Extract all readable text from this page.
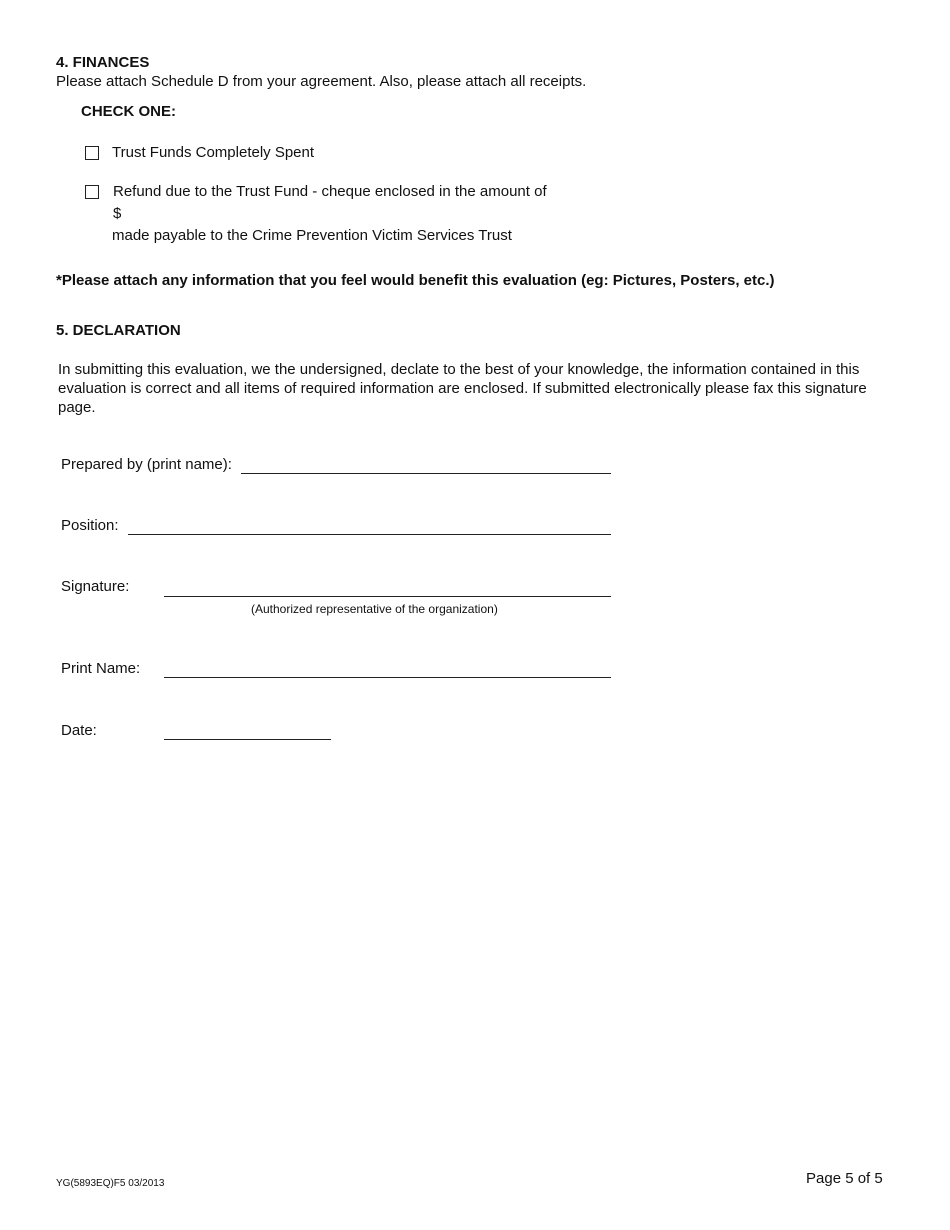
4. FINANCES
Please attach Schedule D from your agreement. Also, please attach all receipts.
CHECK ONE:
Trust Funds Completely Spent
Refund due to the Trust Fund - cheque enclosed in the amount of
$
made payable to the Crime Prevention Victim Services Trust
*Please attach any information that you feel would benefit this evaluation (eg: Pictures, Posters, etc.)
5. DECLARATION
In submitting this evaluation, we the undersigned, declate to the best of your knowledge, the information contained in this evaluation is correct and all items of required information are enclosed. If submitted electronically please fax this signature page.
Prepared by (print name):
Position:
Signature:
(Authorized representative of the organization)
Print Name:
Date:
YG(5893EQ)F5 03/2013	Page 5 of 5
